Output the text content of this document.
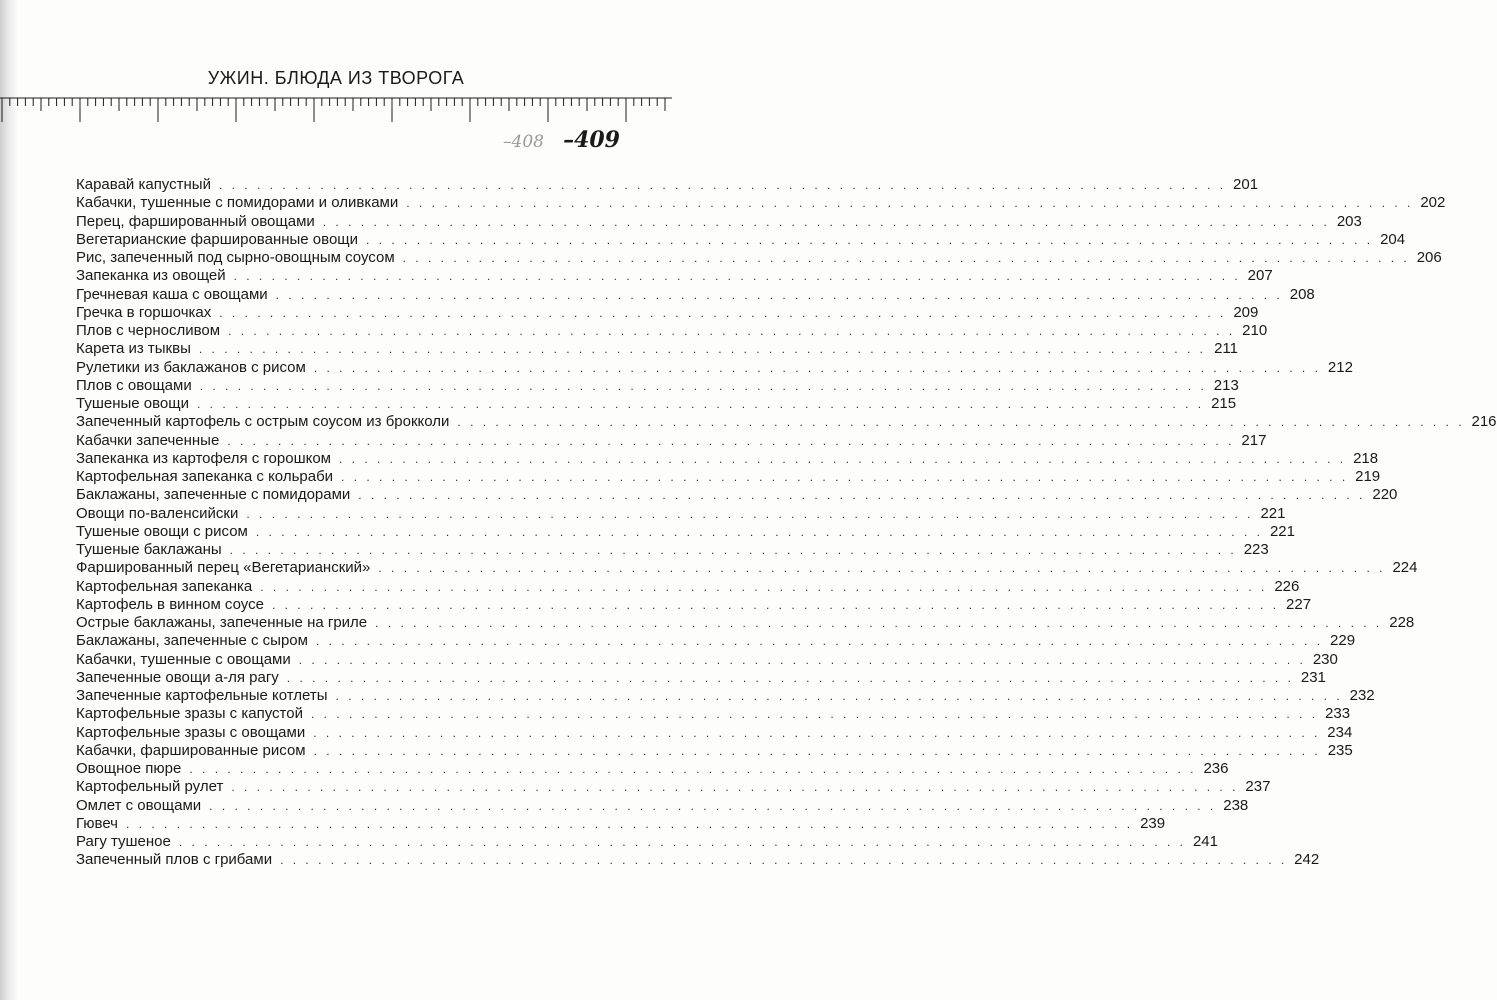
УЖИН. БЛЮДА ИЗ ТВОРОГА
–408 –409
Каравай капустный . . . . . . . . . . . . . . . . . . . . . . . . . . . . . . . . . . . . . . . . . . . . . . . . . . . . . . . . . . . . . . . . . . . . . . . . . . . . . . . . 201
Кабачки, тушенные с помидорами и оливками . . . . . . . . . . . . . . . . . . . . . . . . . . . . . . . . . . . . . . . . . . . . . . . . . . . . . . . . . . . . . . . . . . . . . . . . . . . . . . . . 202
Перец, фаршированный овощами . . . . . . . . . . . . . . . . . . . . . . . . . . . . . . . . . . . . . . . . . . . . . . . . . . . . . . . . . . . . . . . . . . . . . . . . . . . . . . . . 203
Вегетарианские фаршированные овощи . . . . . . . . . . . . . . . . . . . . . . . . . . . . . . . . . . . . . . . . . . . . . . . . . . . . . . . . . . . . . . . . . . . . . . . . . . . . . . . . 204
Рис, запеченный под сырно-овощным соусом . . . . . . . . . . . . . . . . . . . . . . . . . . . . . . . . . . . . . . . . . . . . . . . . . . . . . . . . . . . . . . . . . . . . . . . . . . . . . . . . 206
Запеканка из овощей . . . . . . . . . . . . . . . . . . . . . . . . . . . . . . . . . . . . . . . . . . . . . . . . . . . . . . . . . . . . . . . . . . . . . . . . . . . . . . . . 207
Гречневая каша с овощами . . . . . . . . . . . . . . . . . . . . . . . . . . . . . . . . . . . . . . . . . . . . . . . . . . . . . . . . . . . . . . . . . . . . . . . . . . . . . . . . 208
Гречка в горшочках . . . . . . . . . . . . . . . . . . . . . . . . . . . . . . . . . . . . . . . . . . . . . . . . . . . . . . . . . . . . . . . . . . . . . . . . . . . . . . . . 209
Плов с черносливом . . . . . . . . . . . . . . . . . . . . . . . . . . . . . . . . . . . . . . . . . . . . . . . . . . . . . . . . . . . . . . . . . . . . . . . . . . . . . . . . 210
Карета из тыквы . . . . . . . . . . . . . . . . . . . . . . . . . . . . . . . . . . . . . . . . . . . . . . . . . . . . . . . . . . . . . . . . . . . . . . . . . . . . . . . . 211
Рулетики из баклажанов с рисом . . . . . . . . . . . . . . . . . . . . . . . . . . . . . . . . . . . . . . . . . . . . . . . . . . . . . . . . . . . . . . . . . . . . . . . . . . . . . . . . 212
Плов с овощами . . . . . . . . . . . . . . . . . . . . . . . . . . . . . . . . . . . . . . . . . . . . . . . . . . . . . . . . . . . . . . . . . . . . . . . . . . . . . . . . 213
Тушеные овощи . . . . . . . . . . . . . . . . . . . . . . . . . . . . . . . . . . . . . . . . . . . . . . . . . . . . . . . . . . . . . . . . . . . . . . . . . . . . . . . . 215
Запеченный картофель с острым соусом из брокколи . . . . . . . . . . . . . . . . . . . . . . . . . . . . . . . . . . . . . . . . . . . . . . . . . . . . . . . . . . . . . . . . . . . . . . . . . . . . . . . . 216
Кабачки запеченные . . . . . . . . . . . . . . . . . . . . . . . . . . . . . . . . . . . . . . . . . . . . . . . . . . . . . . . . . . . . . . . . . . . . . . . . . . . . . . . . 217
Запеканка из картофеля с горошком . . . . . . . . . . . . . . . . . . . . . . . . . . . . . . . . . . . . . . . . . . . . . . . . . . . . . . . . . . . . . . . . . . . . . . . . . . . . . . . . 218
Картофельная запеканка с кольраби . . . . . . . . . . . . . . . . . . . . . . . . . . . . . . . . . . . . . . . . . . . . . . . . . . . . . . . . . . . . . . . . . . . . . . . . . . . . . . . . 219
Баклажаны, запеченные с помидорами . . . . . . . . . . . . . . . . . . . . . . . . . . . . . . . . . . . . . . . . . . . . . . . . . . . . . . . . . . . . . . . . . . . . . . . . . . . . . . . . 220
Овощи по-валенсийски . . . . . . . . . . . . . . . . . . . . . . . . . . . . . . . . . . . . . . . . . . . . . . . . . . . . . . . . . . . . . . . . . . . . . . . . . . . . . . . . 221
Тушеные овощи с рисом . . . . . . . . . . . . . . . . . . . . . . . . . . . . . . . . . . . . . . . . . . . . . . . . . . . . . . . . . . . . . . . . . . . . . . . . . . . . . . . . 221
Тушеные баклажаны . . . . . . . . . . . . . . . . . . . . . . . . . . . . . . . . . . . . . . . . . . . . . . . . . . . . . . . . . . . . . . . . . . . . . . . . . . . . . . . . 223
Фаршированный перец «Вегетарианский» . . . . . . . . . . . . . . . . . . . . . . . . . . . . . . . . . . . . . . . . . . . . . . . . . . . . . . . . . . . . . . . . . . . . . . . . . . . . . . . . 224
Картофельная запеканка . . . . . . . . . . . . . . . . . . . . . . . . . . . . . . . . . . . . . . . . . . . . . . . . . . . . . . . . . . . . . . . . . . . . . . . . . . . . . . . . 226
Картофель в винном соусе . . . . . . . . . . . . . . . . . . . . . . . . . . . . . . . . . . . . . . . . . . . . . . . . . . . . . . . . . . . . . . . . . . . . . . . . . . . . . . . . 227
Острые баклажаны, запеченные на гриле . . . . . . . . . . . . . . . . . . . . . . . . . . . . . . . . . . . . . . . . . . . . . . . . . . . . . . . . . . . . . . . . . . . . . . . . . . . . . . . . 228
Баклажаны, запеченные с сыром . . . . . . . . . . . . . . . . . . . . . . . . . . . . . . . . . . . . . . . . . . . . . . . . . . . . . . . . . . . . . . . . . . . . . . . . . . . . . . . . 229
Кабачки, тушенные с овощами . . . . . . . . . . . . . . . . . . . . . . . . . . . . . . . . . . . . . . . . . . . . . . . . . . . . . . . . . . . . . . . . . . . . . . . . . . . . . . . . 230
Запеченные овощи а-ля рагу . . . . . . . . . . . . . . . . . . . . . . . . . . . . . . . . . . . . . . . . . . . . . . . . . . . . . . . . . . . . . . . . . . . . . . . . . . . . . . . . 231
Запеченные картофельные котлеты . . . . . . . . . . . . . . . . . . . . . . . . . . . . . . . . . . . . . . . . . . . . . . . . . . . . . . . . . . . . . . . . . . . . . . . . . . . . . . . . 232
Картофельные зразы с капустой . . . . . . . . . . . . . . . . . . . . . . . . . . . . . . . . . . . . . . . . . . . . . . . . . . . . . . . . . . . . . . . . . . . . . . . . . . . . . . . . 233
Картофельные зразы с овощами . . . . . . . . . . . . . . . . . . . . . . . . . . . . . . . . . . . . . . . . . . . . . . . . . . . . . . . . . . . . . . . . . . . . . . . . . . . . . . . . 234
Кабачки, фаршированные рисом . . . . . . . . . . . . . . . . . . . . . . . . . . . . . . . . . . . . . . . . . . . . . . . . . . . . . . . . . . . . . . . . . . . . . . . . . . . . . . . . 235
Овощное пюре . . . . . . . . . . . . . . . . . . . . . . . . . . . . . . . . . . . . . . . . . . . . . . . . . . . . . . . . . . . . . . . . . . . . . . . . . . . . . . . . 236
Картофельный рулет . . . . . . . . . . . . . . . . . . . . . . . . . . . . . . . . . . . . . . . . . . . . . . . . . . . . . . . . . . . . . . . . . . . . . . . . . . . . . . . . 237
Омлет с овощами . . . . . . . . . . . . . . . . . . . . . . . . . . . . . . . . . . . . . . . . . . . . . . . . . . . . . . . . . . . . . . . . . . . . . . . . . . . . . . . . 238
Гювеч . . . . . . . . . . . . . . . . . . . . . . . . . . . . . . . . . . . . . . . . . . . . . . . . . . . . . . . . . . . . . . . . . . . . . . . . . . . . . . . . 239
Рагу тушеное . . . . . . . . . . . . . . . . . . . . . . . . . . . . . . . . . . . . . . . . . . . . . . . . . . . . . . . . . . . . . . . . . . . . . . . . . . . . . . . . 241
Запеченный плов с грибами . . . . . . . . . . . . . . . . . . . . . . . . . . . . . . . . . . . . . . . . . . . . . . . . . . . . . . . . . . . . . . . . . . . . . . . . . . . . . . . . 242
